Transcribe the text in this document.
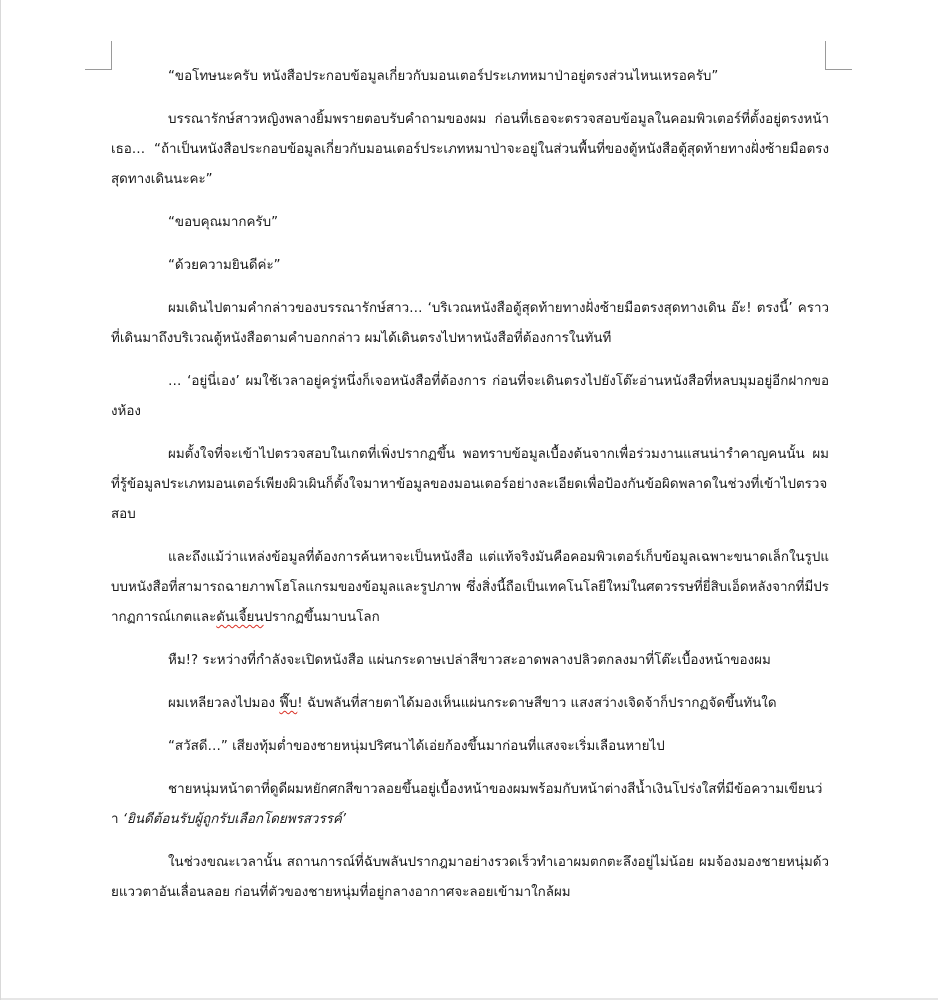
“ขอโทษนะครับ หนังสือประกอบข้อมูลเกี่ยวกับมอนเตอร์ประเภทหมาป่าอยู่ตรงส่วนไหนเหรอครับ”

บรรณารักษ์สาวหญิงพลางยิ้มพรายตอบรับคำถามของผม ก่อนที่เธอจะตรวจสอบข้อมูลในคอมพิวเตอร์ที่ตั้งอยู่ตรงหน้าเธอ… “ถ้าเป็นหนังสือประกอบข้อมูลเกี่ยวกับมอนเตอร์ประเภทหมาป่าจะอยู่ในส่วนพื้นที่ของตู้หนังสือตู้สุดท้ายทางฝั่งซ้ายมือตรงสุดทางเดินนะคะ”

“ขอบคุณมากครับ”

“ด้วยความยินดีค่ะ”

ผมเดินไปตามคำกล่าวของบรรณารักษ์สาว… ‘บริเวณหนังสือตู้สุดท้ายทางฝั่งซ้ายมือตรงสุดทางเดิน อ๊ะ! ตรงนี้’ คราวที่เดินมาถึงบริเวณตู้หนังสือตามคำบอกกล่าว ผมได้เดินตรงไปหาหนังสือที่ต้องการในทันที

… ‘อยู่นี่เอง’ ผมใช้เวลาอยู่ครู่หนึ่งก็เจอหนังสือที่ต้องการ ก่อนที่จะเดินตรงไปยังโต๊ะอ่านหนังสือที่หลบมุมอยู่อีกฝากของห้อง

ผมตั้งใจที่จะเข้าไปตรวจสอบในเกตที่เพิ่งปรากฏขึ้น พอทราบข้อมูลเบื้องต้นจากเพื่อร่วมงานแสนน่ารำคาญคนนั้น ผมที่รู้ข้อมูลประเภทมอนเตอร์เพียงผิวเผินก็ตั้งใจมาหาข้อมูลของมอนเตอร์อย่างละเอียดเพื่อป้องกันข้อผิดพลาดในช่วงที่เข้าไปตรวจสอบ

และถึงแม้ว่าแหล่งข้อมูลที่ต้องการค้นหาจะเป็นหนังสือ แต่แท้จริงมันคือคอมพิวเตอร์เก็บข้อมูลเฉพาะขนาดเล็กในรูปแบบหนังสือที่สามารถฉายภาพโฮโลแกรมของข้อมูลและรูปภาพ ซึ่งสิ่งนี้ถือเป็นเทคโนโลยีใหม่ในศตวรรษที่ยี่สิบเอ็ดหลังจากที่มีปรากฏการณ์เกตและดันเจี้ยนปรากฏขึ้นมาบนโลก

หืม!? ระหว่างที่กำลังจะเปิดหนังสือ แผ่นกระดาษเปล่าสีขาวสะอาดพลางปลิวตกลงมาที่โต๊ะเบื้องหน้าของผม

ผมเหลียวลงไปมอง ฟึ๊บ! ฉับพลันที่สายตาได้มองเห็นแผ่นกระดาษสีขาว แสงสว่างเจิดจ้าก็ปรากฏจัดขึ้นทันใด

“สวัสดี…” เสียงทุ้มต่ำของชายหนุ่มปริศนาได้เอ่ยก้องขึ้นมาก่อนที่แสงจะเริ่มเลือนหายไป

ชายหนุ่มหน้าตาที่ดูดีผมหยักศกสีขาวลอยขึ้นอยู่เบื้องหน้าของผมพร้อมกับหน้าต่างสีน้ำเงินโปร่งใสที่มีข้อความเขียนว่า ‘ยินดีต้อนรับผู้ถูกรับเลือกโดยพรสวรรค์’

ในช่วงขณะเวลานั้น สถานการณ์ที่ฉับพลันปรากฎมาอย่างรวดเร็วทำเอาผมตกตะลึงอยู่ไม่น้อย ผมจ้องมองชายหนุ่มด้วยแววตาอันเลื่อนลอย ก่อนที่ตัวของชายหนุ่มที่อยู่กลางอากาศจะลอยเข้ามาใกล้ผม
